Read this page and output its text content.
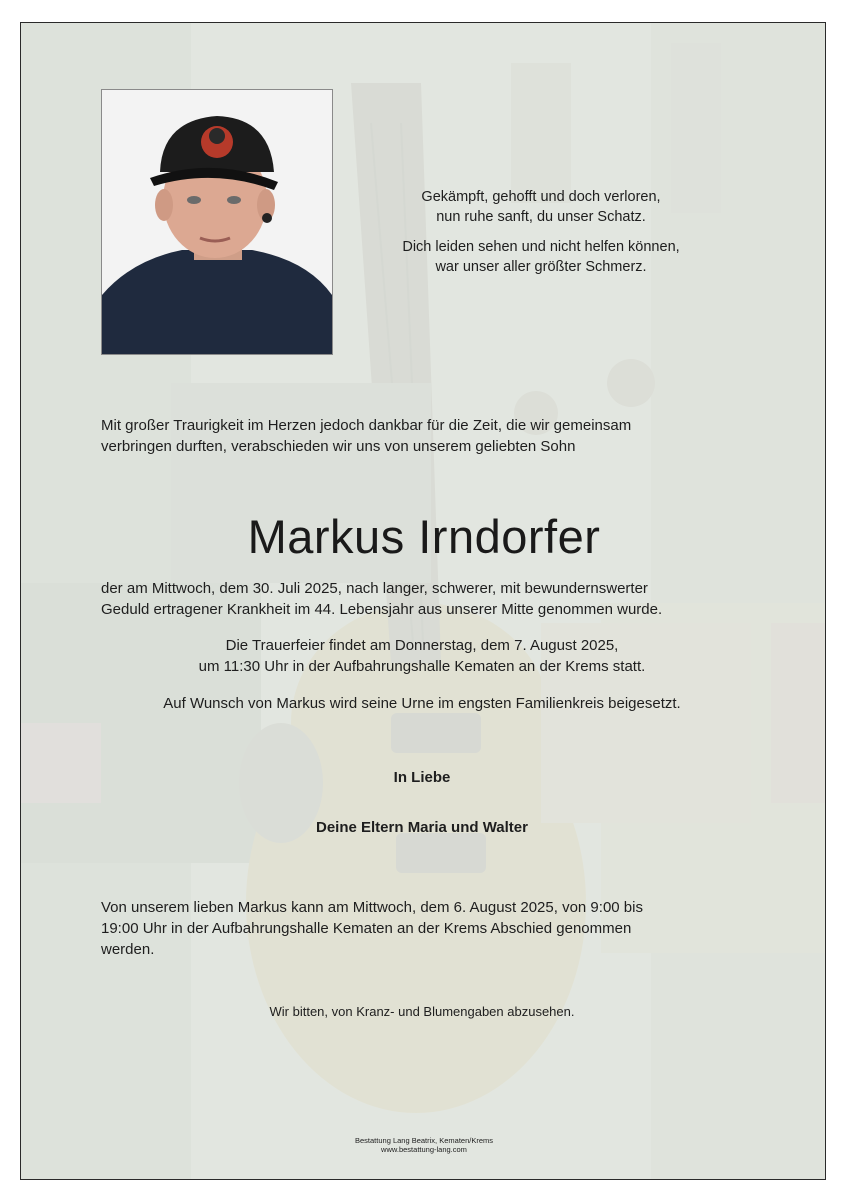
Gekämpft, gehofft und doch verloren,
nun ruhe sanft, du unser Schatz.

Dich leiden sehen und nicht helfen können,
war unser aller größter Schmerz.

Mit großer Traurigkeit im Herzen jedoch dankbar für die Zeit, die wir gemeinsam
verbringen durften, verabschieden wir uns von unserem geliebten Sohn
Markus Irndorfer
der am Mittwoch, dem 30. Juli 2025, nach langer, schwerer, mit bewundernswerter
Geduld ertragener Krankheit im 44. Lebensjahr aus unserer Mitte genommen wurde.
Die Trauerfeier findet am Donnerstag, dem 7. August 2025,
um 11:30 Uhr in der Aufbahrungshalle Kematen an der Krems statt.
Auf Wunsch von Markus wird seine Urne im engsten Familienkreis beigesetzt.
In Liebe
Deine Eltern Maria und Walter
Von unserem lieben Markus kann am Mittwoch, dem 6. August 2025, von 9:00 bis
19:00 Uhr in der Aufbahrungshalle Kematen an der Krems Abschied genommen
werden.
Wir bitten, von Kranz- und Blumengaben abzusehen.
Bestattung Lang Beatrix, Kematen/Krems
www.bestattung-lang.com
